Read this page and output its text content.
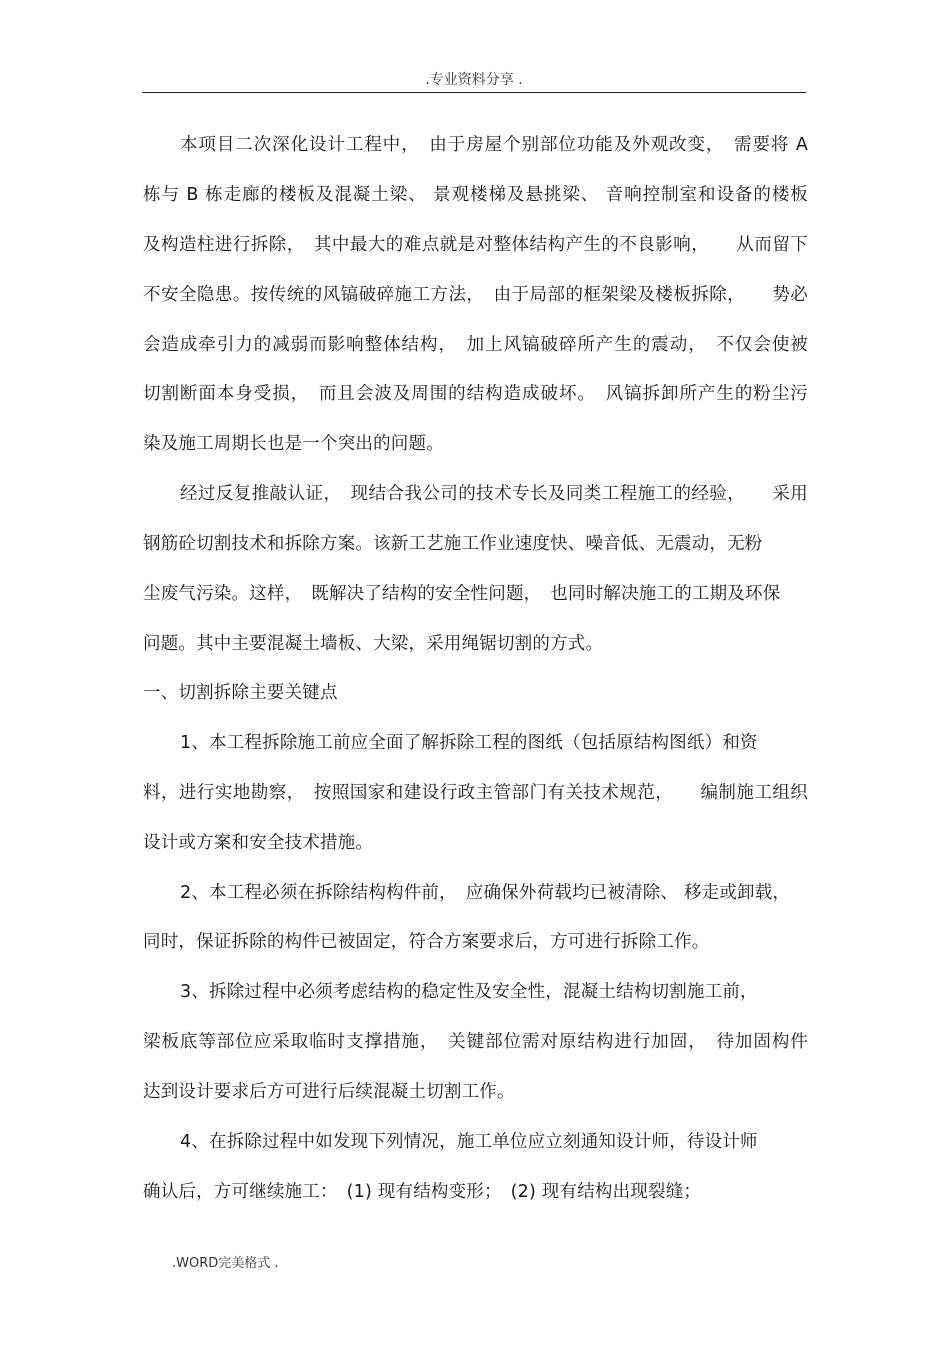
.专业资料分享 .
本项目二次深化设计工程中，　由于房屋个别部位功能及外观改变，　需要将 A
栋与 B 栋走廊的楼板及混凝土梁、 景观楼梯及悬挑梁、 音响控制室和设备的楼板
及构造柱进行拆除，　其中最大的难点就是对整体结构产生的不良影响，　　从而留下
不安全隐患。按传统的风镐破碎施工方法，　由于局部的框架梁及楼板拆除，　　势必
会造成牵引力的减弱而影响整体结构，　加上风镐破碎所产生的震动，　不仅会使被
切割断面本身受损，　而且会波及周围的结构造成破坏。　风镐拆卸所产生的粉尘污
染及施工周期长也是一个突出的问题。
经过反复推敲认证，　现结合我公司的技术专长及同类工程施工的经验，　　采用
钢筋砼切割技术和拆除方案。该新工艺施工作业速度快、噪音低、无震动，无粉
尘废气污染。这样，　既解决了结构的安全性问题，　也同时解决施工的工期及环保
问题。其中主要混凝土墙板、大梁，采用绳锯切割的方式。
一、切割拆除主要关键点
1、本工程拆除施工前应全面了解拆除工程的图纸（包括原结构图纸）和资
料，进行实地勘察，　按照国家和建设行政主管部门有关技术规范，　　编制施工组织
设计或方案和安全技术措施。
2、本工程必须在拆除结构构件前，　应确保外荷载均已被清除、 移走或卸载，
同时，保证拆除的构件已被固定，符合方案要求后，方可进行拆除工作。
3、拆除过程中必须考虑结构的稳定性及安全性，混凝土结构切割施工前，
梁板底等部位应采取临时支撑措施，　关键部位需对原结构进行加固，　待加固构件
达到设计要求后方可进行后续混凝土切割工作。
4、在拆除过程中如发现下列情况，施工单位应立刻通知设计师，待设计师
确认后，方可继续施工：　(1) 现有结构变形；　(2) 现有结构出现裂缝；
.WORD完美格式 .
